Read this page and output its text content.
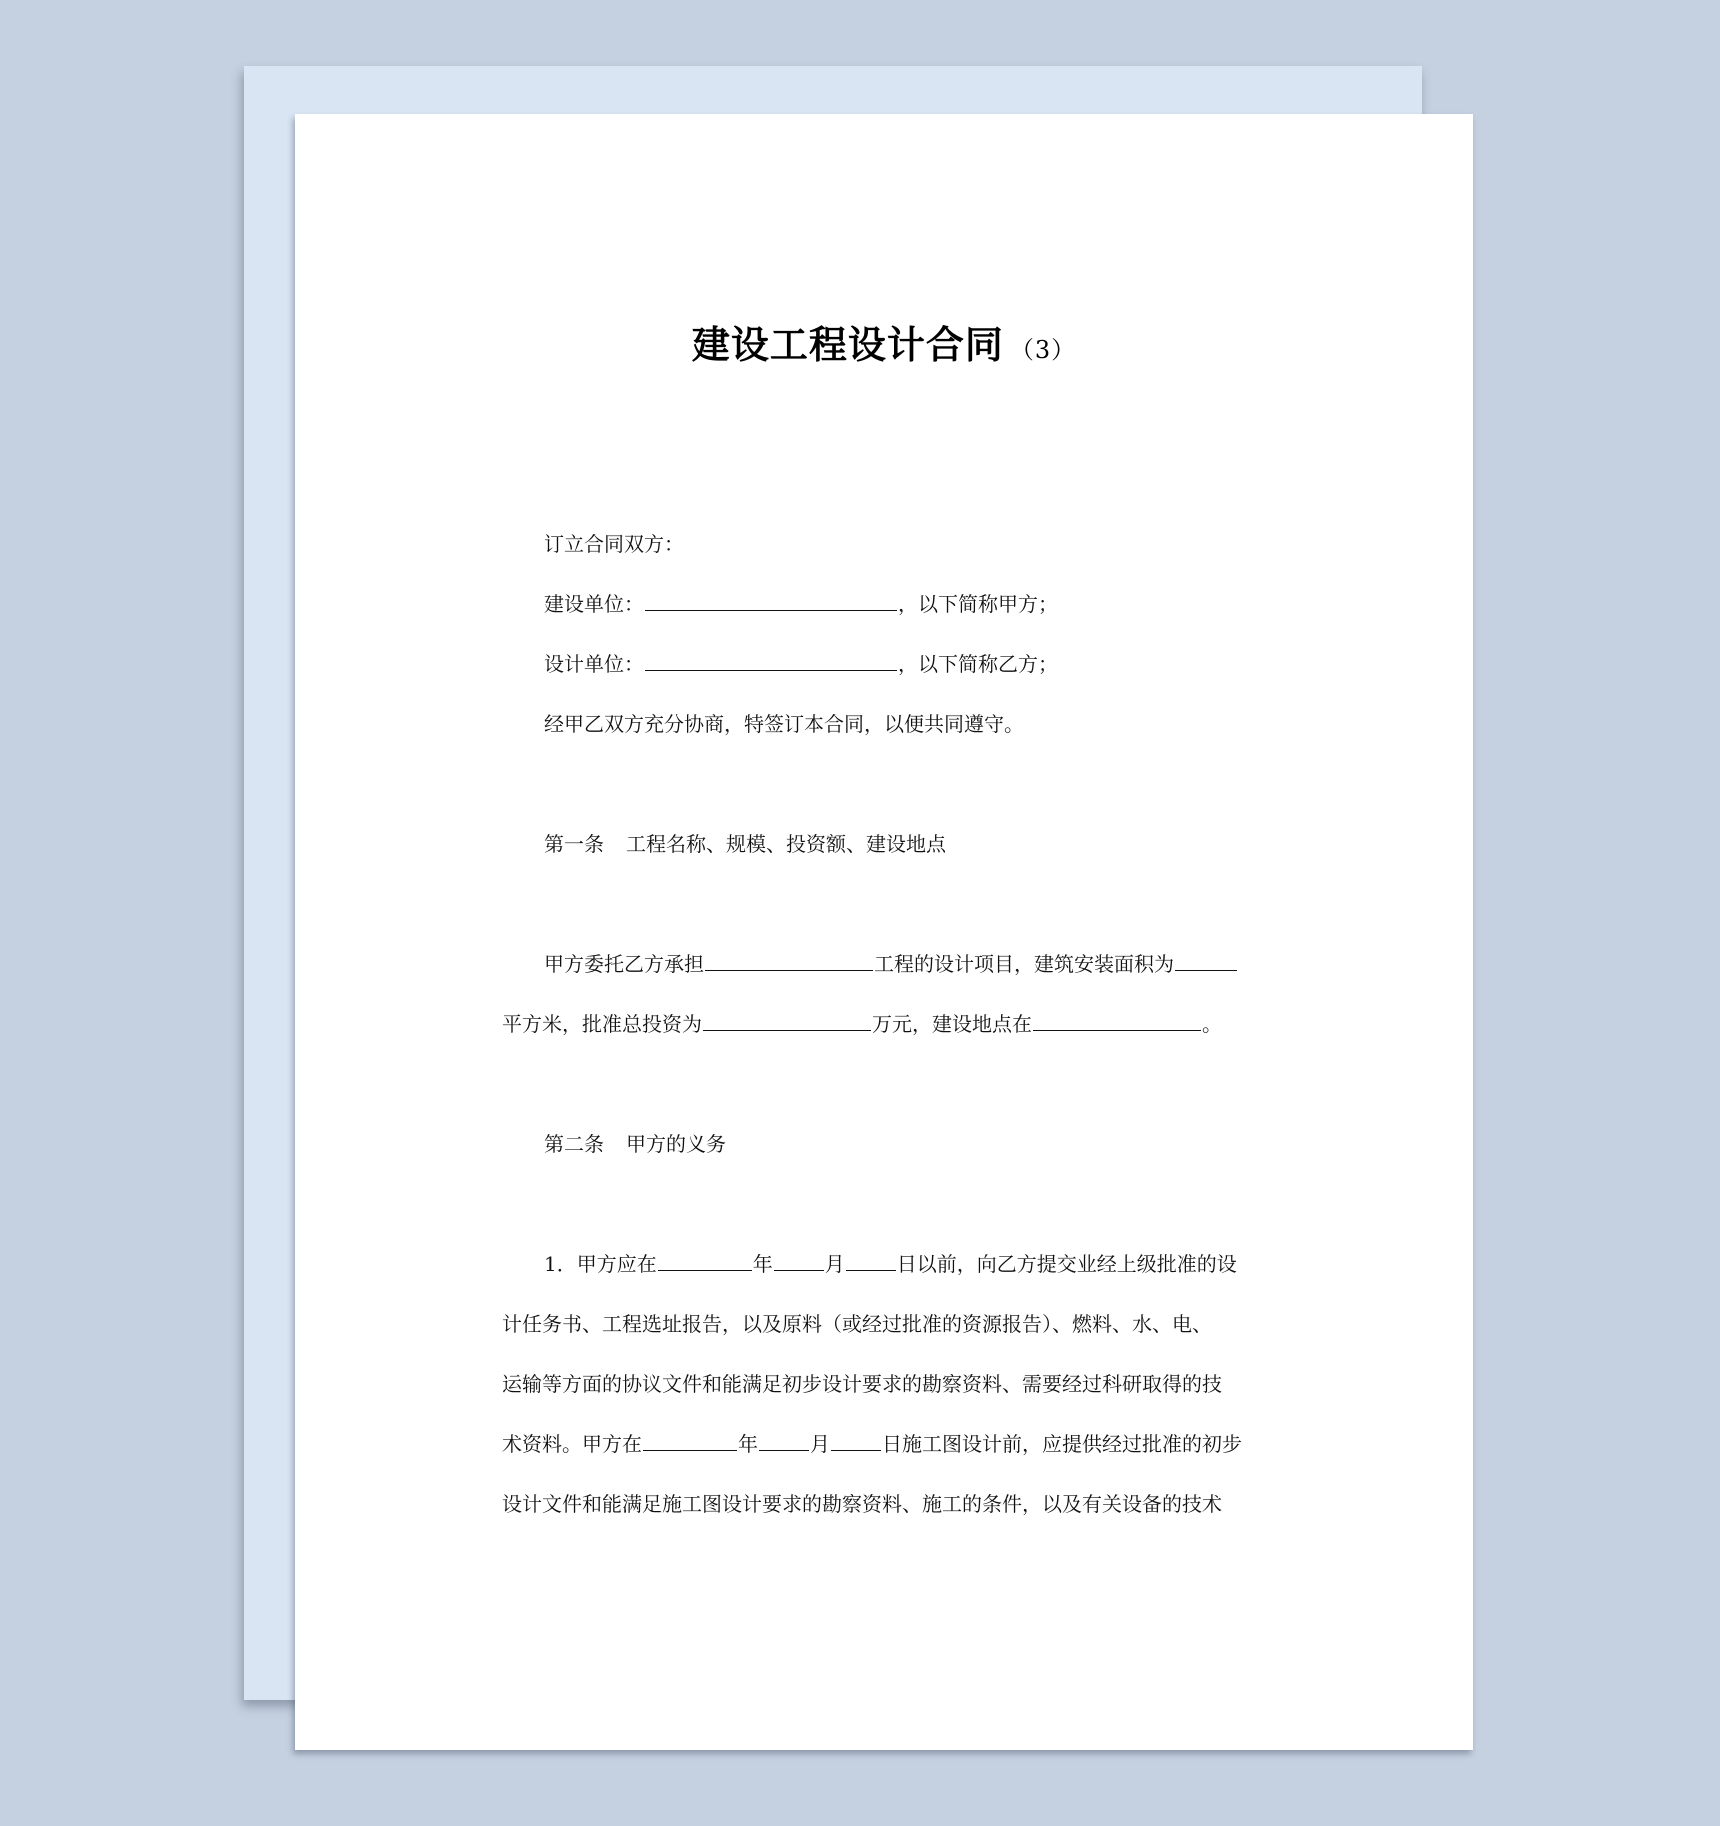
建设工程设计合同 （3）
订立合同双方：
建设单位：	，以下简称甲方；
设计单位：	，以下简称乙方；
经甲乙双方充分协商，特签订本合同，以便共同遵守。
第一条 工程名称、规模、投资额、建设地点
甲方委托乙方承担	工程的设计项目，建筑安装面积为
平方米，批准总投资为	万元，建设地点在	。
第二条 甲方的义务
1．甲方应在	年	月	日以前，向乙方提交业经上级批准的设
计任务书、工程选址报告，以及原料（或经过批准的资源报告）、燃料、水、电、
运输等方面的协议文件和能满足初步设计要求的勘察资料、需要经过科研取得的技
术资料。甲方在	年	月	日施工图设计前，应提供经过批准的初步
设计文件和能满足施工图设计要求的勘察资料、施工的条件，以及有关设备的技术
